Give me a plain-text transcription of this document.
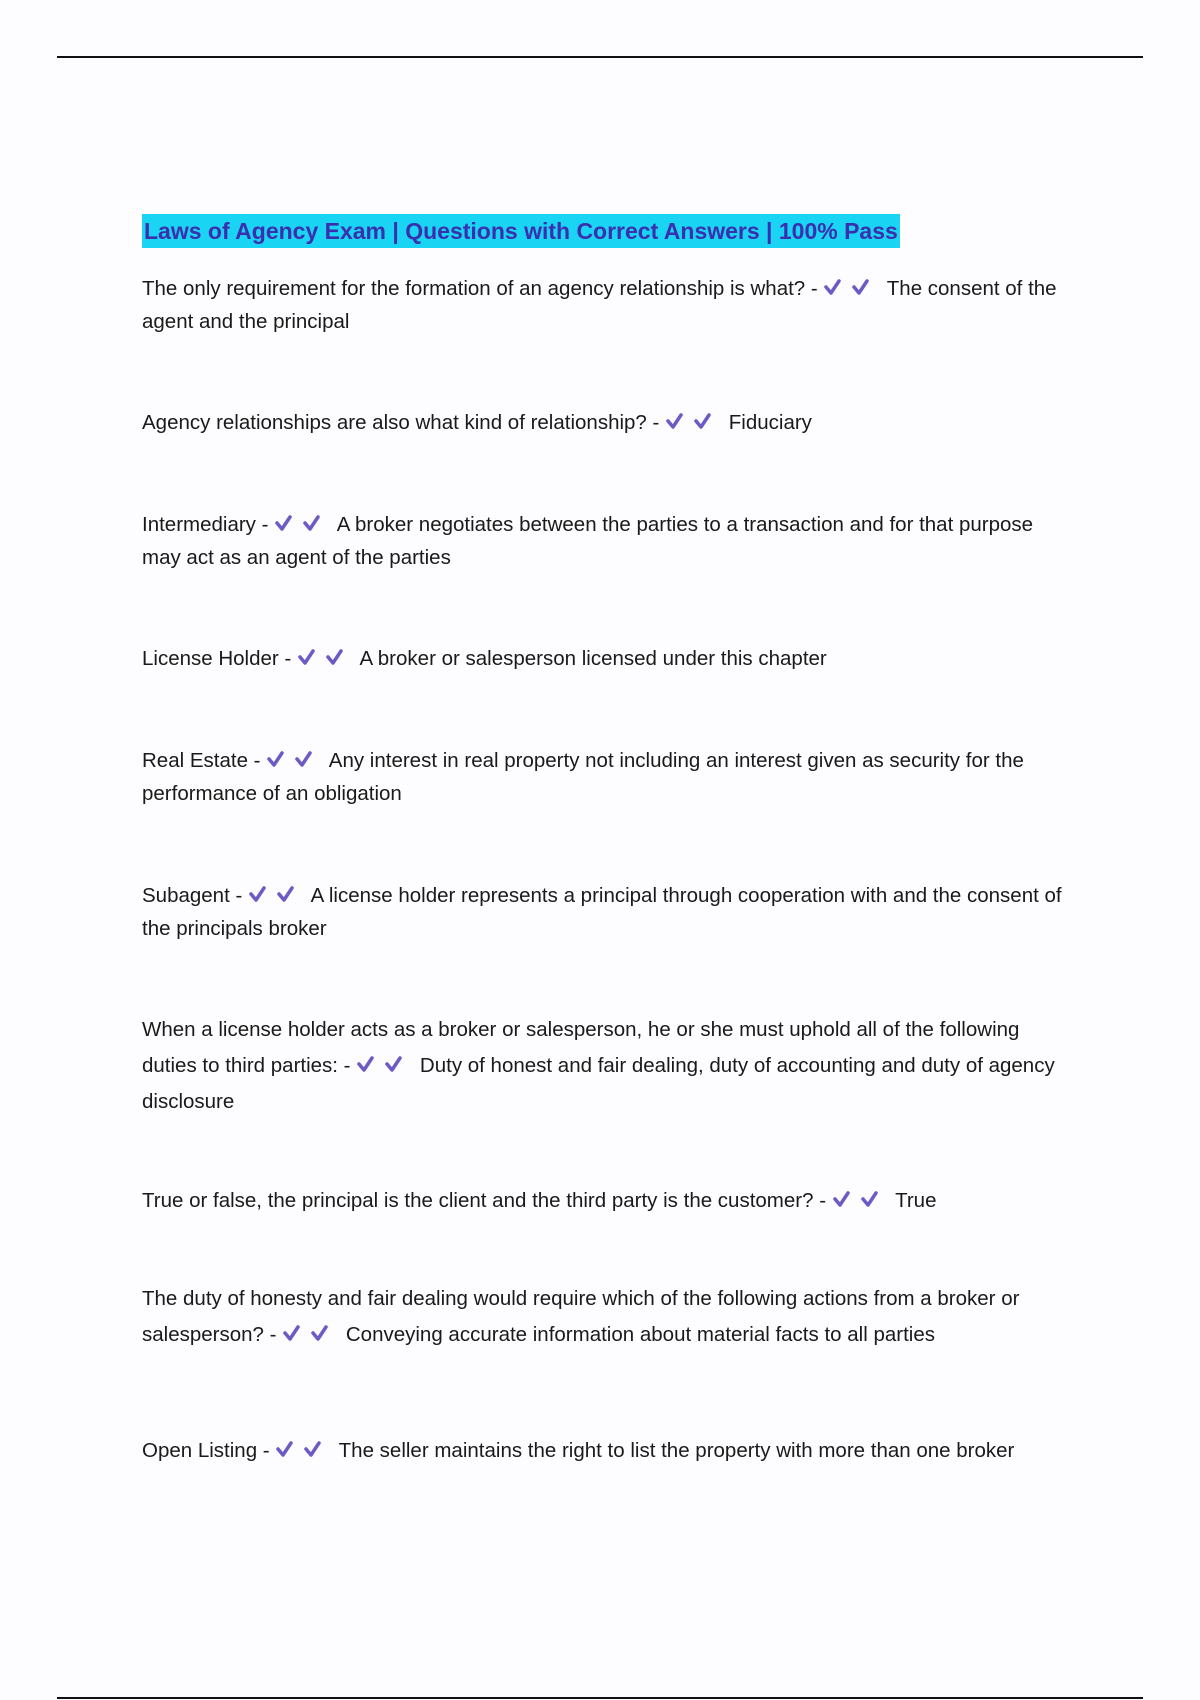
Laws of Agency Exam | Questions with Correct Answers | 100% Pass
The only requirement for the formation of an agency relationship is what? -	The consent of the agent and the principal
Agency relationships are also what kind of relationship? -	Fiduciary
Intermediary -	A broker negotiates between the parties to a transaction and for that purpose may act as an agent of the parties
License Holder -	A broker or salesperson licensed under this chapter
Real Estate -	Any interest in real property not including an interest given as security for the performance of an obligation
Subagent -	A license holder represents a principal through cooperation with and the consent of the principals broker
When a license holder acts as a broker or salesperson, he or she must uphold all of the following duties to third parties: -	Duty of honest and fair dealing, duty of accounting and duty of agency disclosure
True or false, the principal is the client and the third party is the customer? -	True
The duty of honesty and fair dealing would require which of the following actions from a broker or salesperson? -	Conveying accurate information about material facts to all parties
Open Listing -	The seller maintains the right to list the property with more than one broker
